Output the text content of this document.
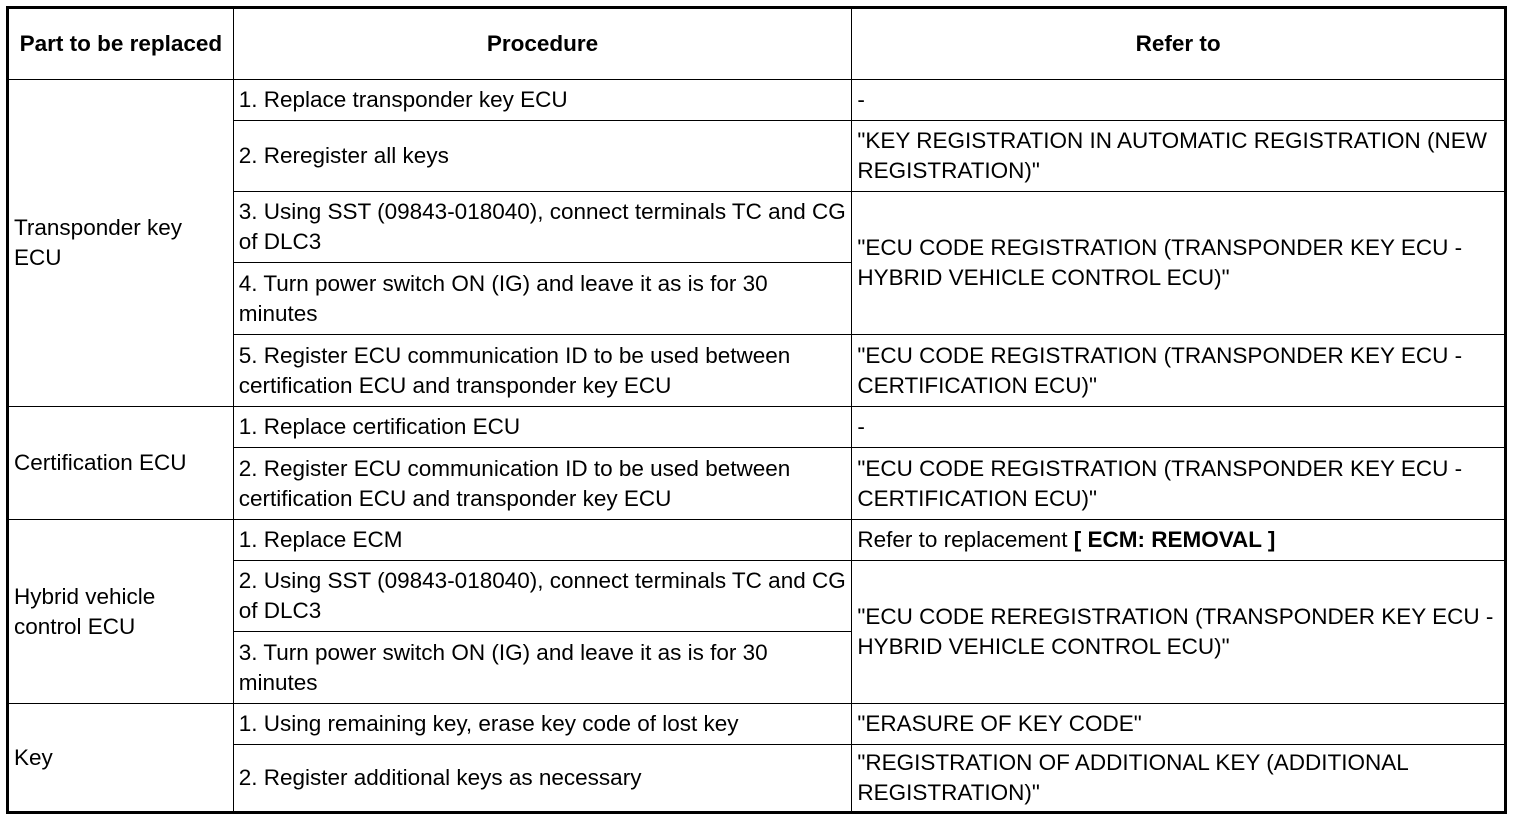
Part to be replaced	Procedure	Refer to
Transponder key ECU	1. Replace transponder key ECU	-
	2. Reregister all keys	"KEY REGISTRATION IN AUTOMATIC REGISTRATION (NEW REGISTRATION)"
	3. Using SST (09843-018040), connect terminals TC and CG of DLC3	"ECU CODE REGISTRATION (TRANSPONDER KEY ECU - HYBRID VEHICLE CONTROL ECU)"
	4. Turn power switch ON (IG) and leave it as is for 30 minutes	
	5. Register ECU communication ID to be used between certification ECU and transponder key ECU	"ECU CODE REGISTRATION (TRANSPONDER KEY ECU - CERTIFICATION ECU)"
Certification ECU	1. Replace certification ECU	-
	2. Register ECU communication ID to be used between certification ECU and transponder key ECU	"ECU CODE REGISTRATION (TRANSPONDER KEY ECU - CERTIFICATION ECU)"
Hybrid vehicle control ECU	1. Replace ECM	Refer to replacement [ ECM: REMOVAL ]
	2. Using SST (09843-018040), connect terminals TC and CG of DLC3	"ECU CODE REREGISTRATION (TRANSPONDER KEY ECU - HYBRID VEHICLE CONTROL ECU)"
	3. Turn power switch ON (IG) and leave it as is for 30 minutes	
Key	1. Using remaining key, erase key code of lost key	"ERASURE OF KEY CODE"
	2. Register additional keys as necessary	"REGISTRATION OF ADDITIONAL KEY (ADDITIONAL REGISTRATION)"
